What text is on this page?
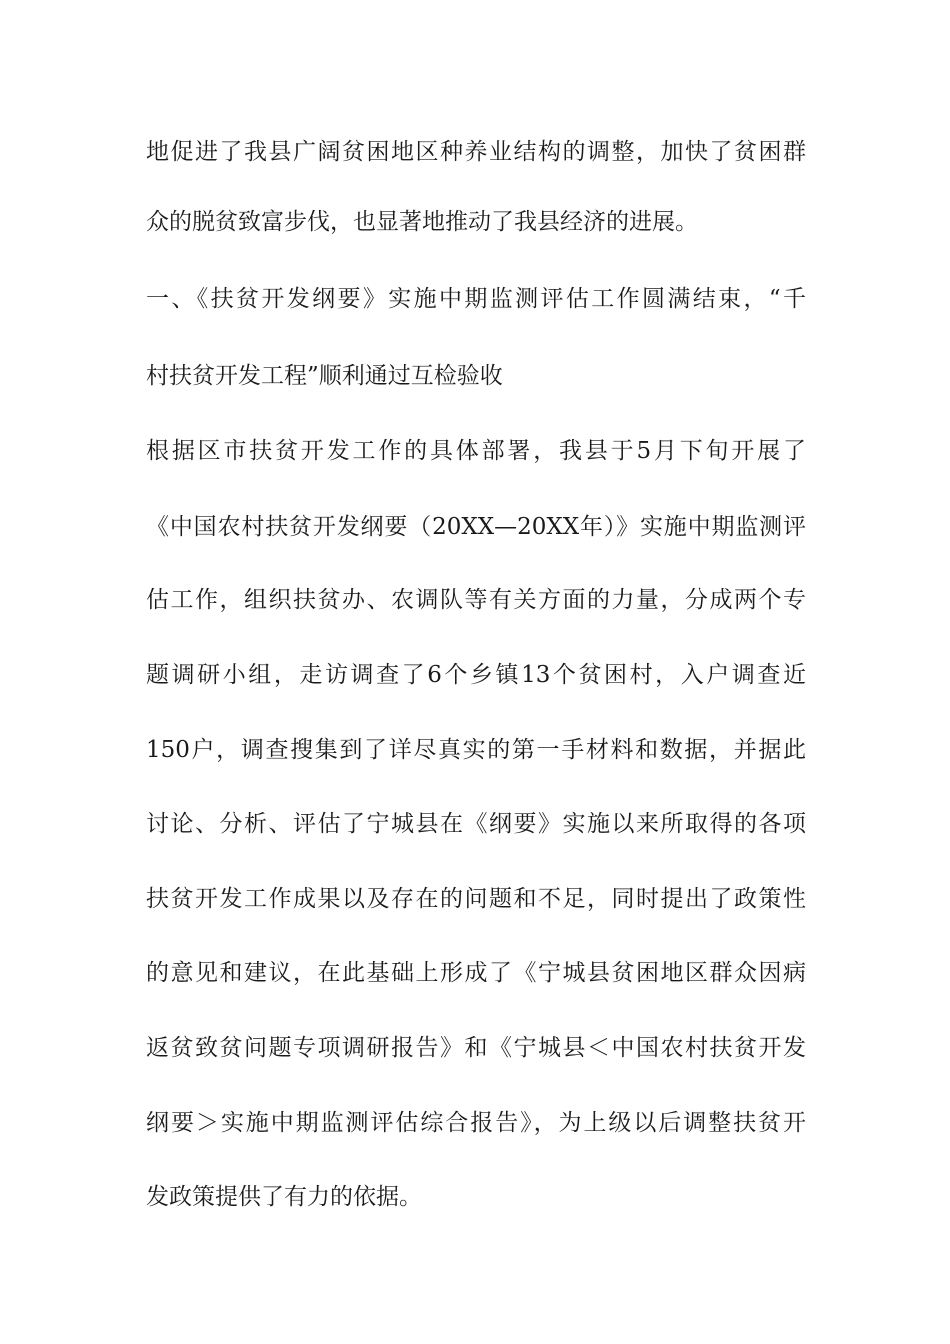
地促进了我县广阔贫困地区种养业结构的调整，加快了贫困群
众的脱贫致富步伐，也显著地推动了我县经济的进展。
一、《扶贫开发纲要》实施中期监测评估工作圆满结束，“千
村扶贫开发工程”顺利通过互检验收
根据区市扶贫开发工作的具体部署，我县于5月下旬开展了
《中国农村扶贫开发纲要（20XX—20XX年）》实施中期监测评
估工作，组织扶贫办、农调队等有关方面的力量，分成两个专
题调研小组，走访调查了6个乡镇13个贫困村，入户调查近
150户，调查搜集到了详尽真实的第一手材料和数据，并据此
讨论、分析、评估了宁城县在《纲要》实施以来所取得的各项
扶贫开发工作成果以及存在的问题和不足，同时提出了政策性
的意见和建议，在此基础上形成了《宁城县贫困地区群众因病
返贫致贫问题专项调研报告》和《宁城县＜中国农村扶贫开发
纲要＞实施中期监测评估综合报告》，为上级以后调整扶贫开
发政策提供了有力的依据。
